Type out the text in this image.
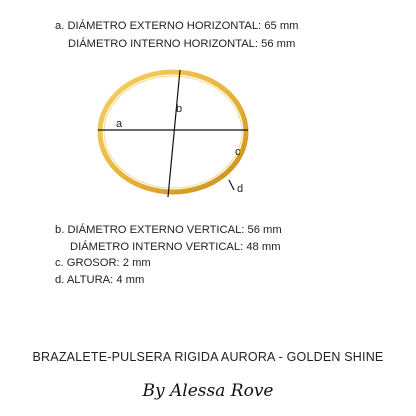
a. DIÁMETRO EXTERNO HORIZONTAL: 65 mm
DIÁMETRO INTERNO HORIZONTAL: 56 mm
a
b
c
d
b. DIÁMETRO EXTERNO VERTICAL: 56 mm
DIÁMETRO INTERNO VERTICAL: 48 mm
c. GROSOR: 2 mm
d. ALTURA: 4 mm
BRAZALETE-PULSERA RIGIDA AURORA - GOLDEN SHINE
By Alessa Rove
